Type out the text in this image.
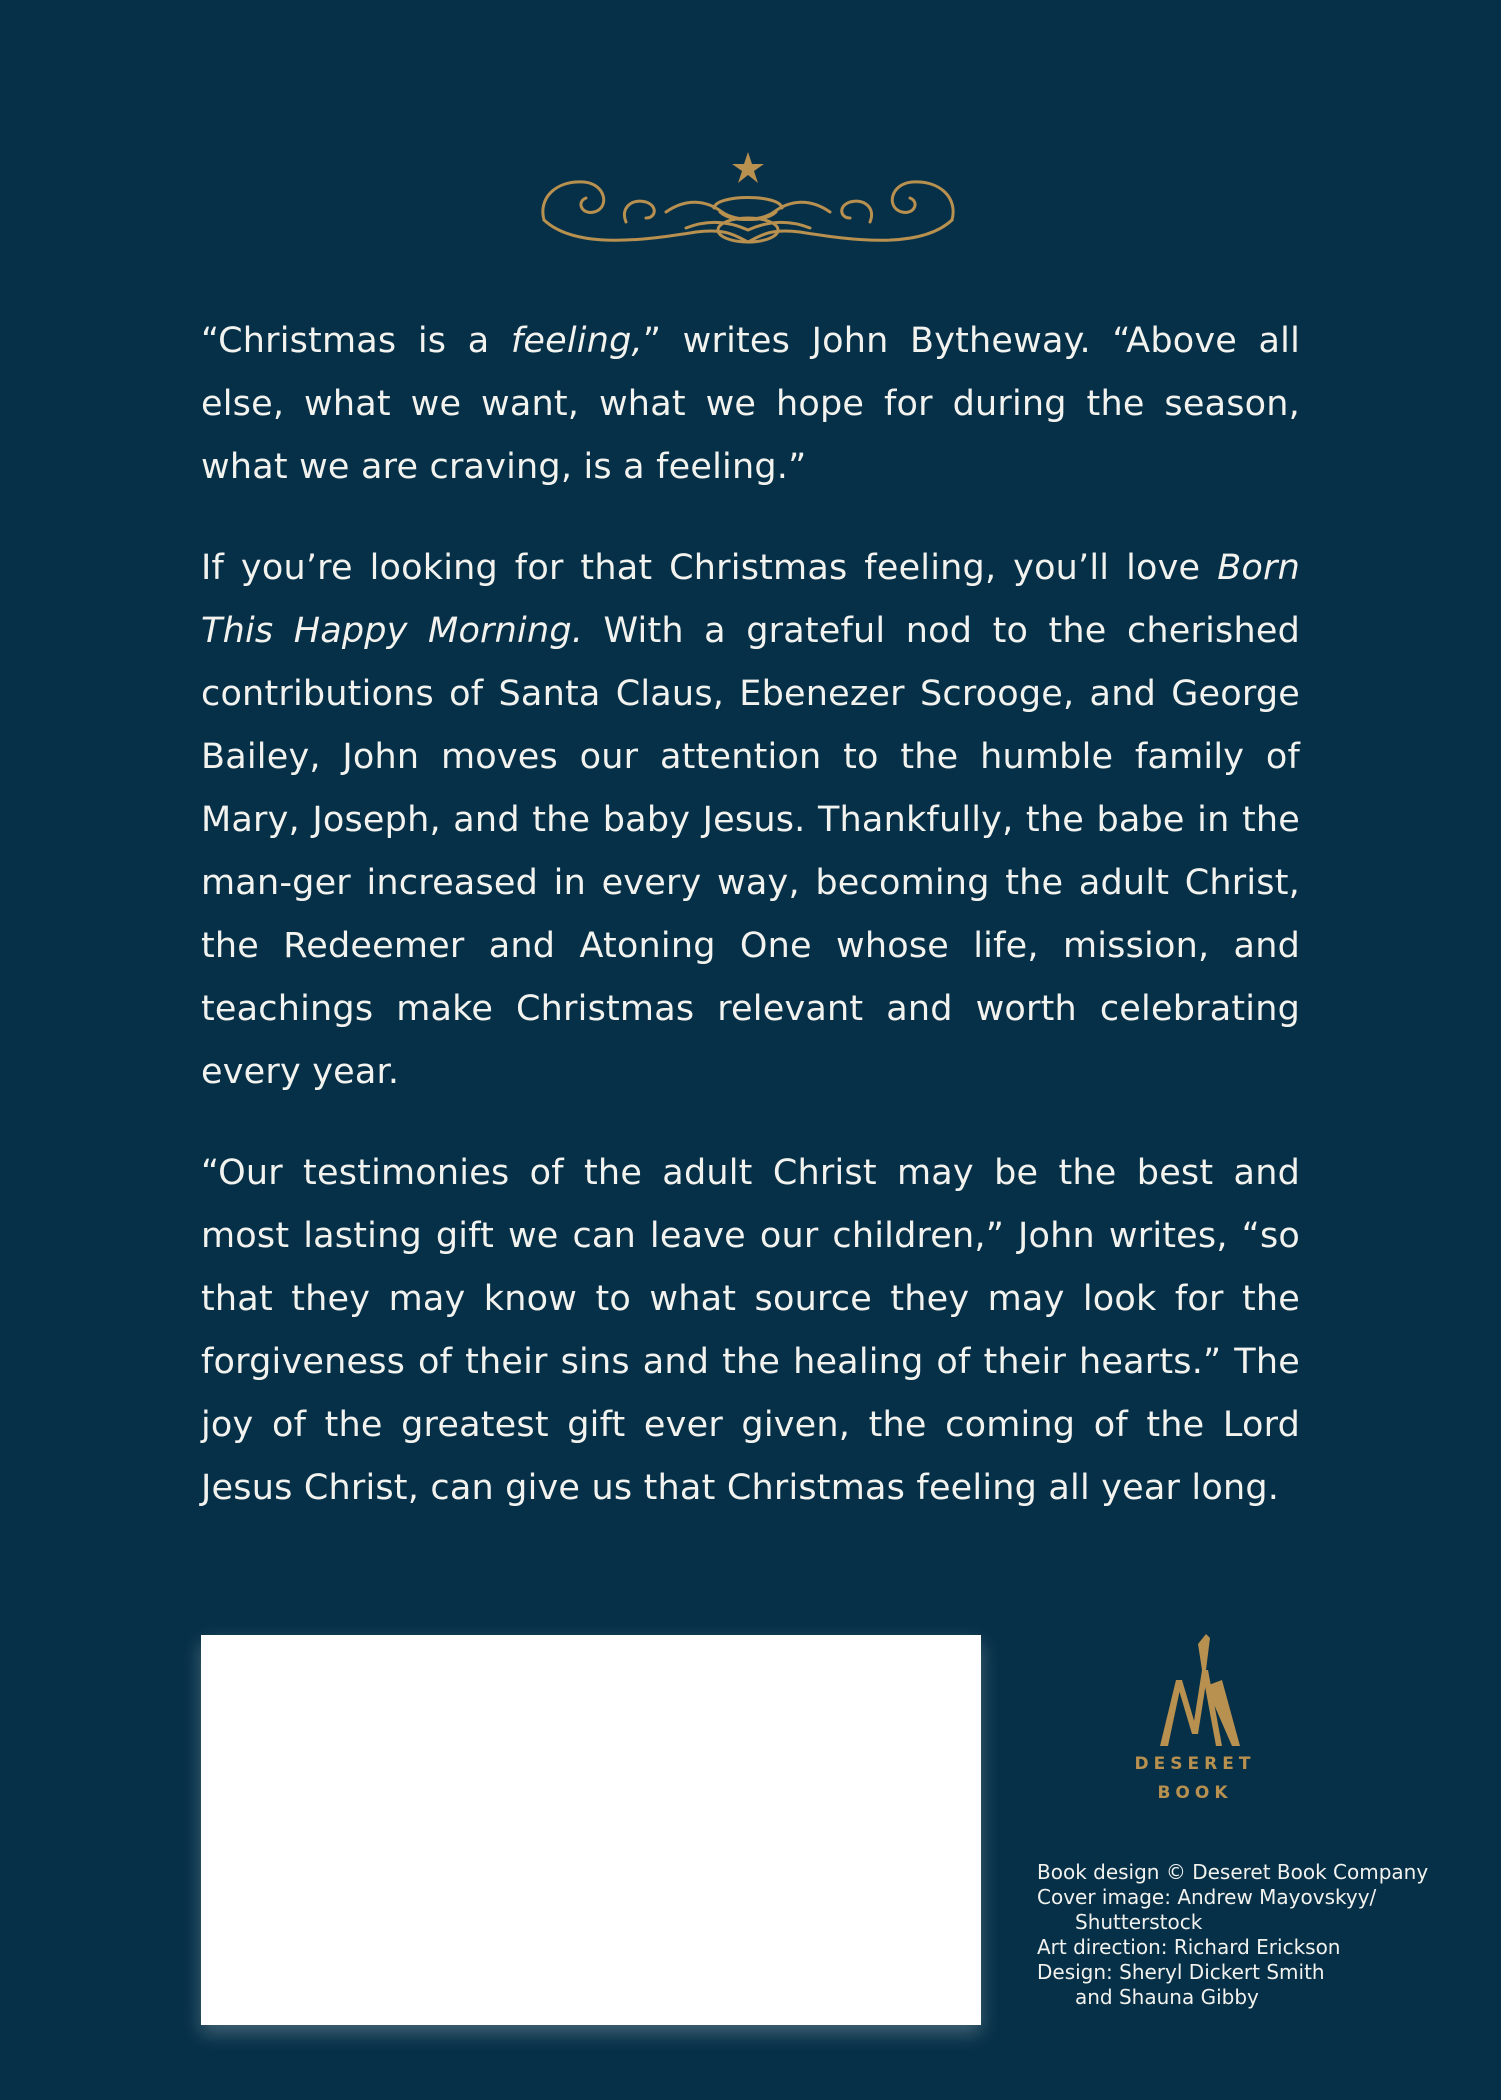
“Christmas is a feeling,” writes John Bytheway. “Above all else, what we want, what we hope for during the season, what we are craving, is a feeling.”

If you’re looking for that Christmas feeling, you’ll love Born This Happy Morning. With a grateful nod to the cherished contributions of Santa Claus, Ebenezer Scrooge, and George Bailey, John moves our attention to the humble family of Mary, Joseph, and the baby Jesus. Thankfully, the babe in the man-ger increased in every way, becoming the adult Christ, the Redeemer and Atoning One whose life, mission, and teachings make Christmas relevant and worth celebrating every year.

“Our testimonies of the adult Christ may be the best and most lasting gift we can leave our children,” John writes, “so that they may know to what source they may look for the forgiveness of their sins and the healing of their hearts.” The joy of the greatest gift ever given, the coming of the Lord Jesus Christ, can give us that Christmas feeling all year long.

DESERET
BOOK
Book design © Deseret Book Company
Cover image: Andrew Mayovskyy/
Shutterstock
Art direction: Richard Erickson
Design: Sheryl Dickert Smith
and Shauna Gibby
